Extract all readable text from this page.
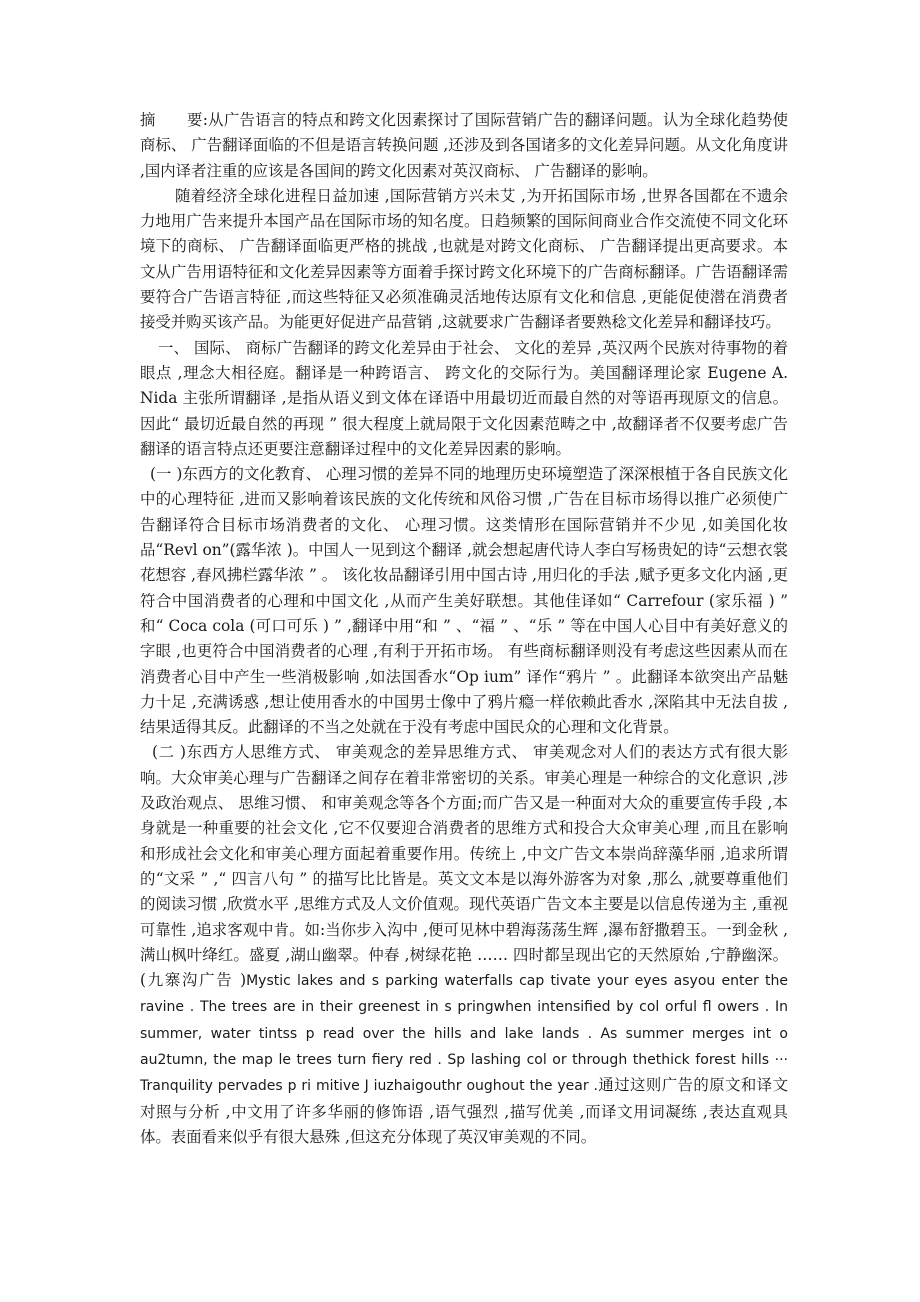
摘　　要:从广告语言的特点和跨文化因素探讨了国际营销广告的翻译问题。认为全球化趋势使商标、 广告翻译面临的不但是语言转换问题 ,还涉及到各国诸多的文化差异问题。从文化角度讲 ,国内译者注重的应该是各国间的跨文化因素对英汉商标、 广告翻译的影响。

随着经济全球化进程日益加速 ,国际营销方兴未艾 ,为开拓国际市场 ,世界各国都在不遗余力地用广告来提升本国产品在国际市场的知名度。日趋频繁的国际间商业合作交流使不同文化环境下的商标、 广告翻译面临更严格的挑战 ,也就是对跨文化商标、 广告翻译提出更高要求。本文从广告用语特征和文化差异因素等方面着手探讨跨文化环境下的广告商标翻译。广告语翻译需要符合广告语言特征 ,而这些特征又必须准确灵活地传达原有文化和信息 ,更能促使潜在消费者接受并购买该产品。为能更好促进产品营销 ,这就要求广告翻译者要熟稔文化差异和翻译技巧。

一、 国际、 商标广告翻译的跨文化差异由于社会、 文化的差异 ,英汉两个民族对待事物的着眼点 ,理念大相径庭。翻译是一种跨语言、 跨文化的交际行为。美国翻译理论家 Eugene A. Nida 主张所谓翻译 ,是指从语义到文体在译语中用最切近而最自然的对等语再现原文的信息。因此“ 最切近最自然的再现 ” 很大程度上就局限于文化因素范畴之中 ,故翻译者不仅要考虑广告翻译的语言特点还更要注意翻译过程中的文化差异因素的影响。

(一 )东西方的文化教育、 心理习惯的差异不同的地理历史环境塑造了深深根植于各自民族文化中的心理特征 ,进而又影响着该民族的文化传统和风俗习惯 ,广告在目标市场得以推广必须使广告翻译符合目标市场消费者的文化、 心理习惯。这类情形在国际营销并不少见 ,如美国化妆品“Revl on”(露华浓 )。中国人一见到这个翻译 ,就会想起唐代诗人李白写杨贵妃的诗“云想衣裳花想容 ,春风拂栏露华浓 ” 。 该化妆品翻译引用中国古诗 ,用归化的手法 ,赋予更多文化内涵 ,更符合中国消费者的心理和中国文化 ,从而产生美好联想。其他佳译如“ Carrefour (家乐福 ) ” 和“ Coca cola (可口可乐 ) ” ,翻译中用“和 ” 、“福 ” 、“乐 ” 等在中国人心目中有美好意义的字眼 ,也更符合中国消费者的心理 ,有利于开拓市场。 有些商标翻译则没有考虑这些因素从而在消费者心目中产生一些消极影响 ,如法国香水“Op ium” 译作“鸦片 ” 。此翻译本欲突出产品魅力十足 ,充满诱惑 ,想让使用香水的中国男士像中了鸦片瘾一样依赖此香水 ,深陷其中无法自拔 ,结果适得其反。此翻译的不当之处就在于没有考虑中国民众的心理和文化背景。

(二 )东西方人思维方式、 审美观念的差异思维方式、 审美观念对人们的表达方式有很大影响。大众审美心理与广告翻译之间存在着非常密切的关系。审美心理是一种综合的文化意识 ,涉及政治观点、 思维习惯、 和审美观念等各个方面;而广告又是一种面对大众的重要宣传手段 ,本身就是一种重要的社会文化 ,它不仅要迎合消费者的思维方式和投合大众审美心理 ,而且在影响和形成社会文化和审美心理方面起着重要作用。传统上 ,中文广告文本崇尚辞藻华丽 ,追求所谓的“文采 ” ,“ 四言八句 ” 的描写比比皆是。英文文本是以海外游客为对象 ,那么 ,就要尊重他们的阅读习惯 ,欣赏水平 ,思维方式及人文价值观。现代英语广告文本主要是以信息传递为主 ,重视可靠性 ,追求客观中肯。如:当你步入沟中 ,便可见林中碧海荡荡生辉 ,瀑布舒撒碧玉。一到金秋 ,满山枫叶绛红。盛夏 ,湖山幽翠。仲春 ,树绿花艳 …… 四时都呈现出它的天然原始 ,宁静幽深。 (九寨沟广告 )Mystic lakes and s parking waterfalls cap tivate your eyes asyou enter the ravine . The trees are in their greenest in s pringwhen intensified by col orful fl owers . In summer, water tintss p read over the hills and lake lands . As summer merges int o au2tumn, the map le trees turn fiery red . Sp lashing col or through thethick forest hills ··· Tranquility pervades p ri mitive J iuzhaigouthr oughout the year .通过这则广告的原文和译文对照与分析 ,中文用了许多华丽的修饰语 ,语气强烈 ,描写优美 ,而译文用词凝练 ,表达直观具体。表面看来似乎有很大悬殊 ,但这充分体现了英汉审美观的不同。
